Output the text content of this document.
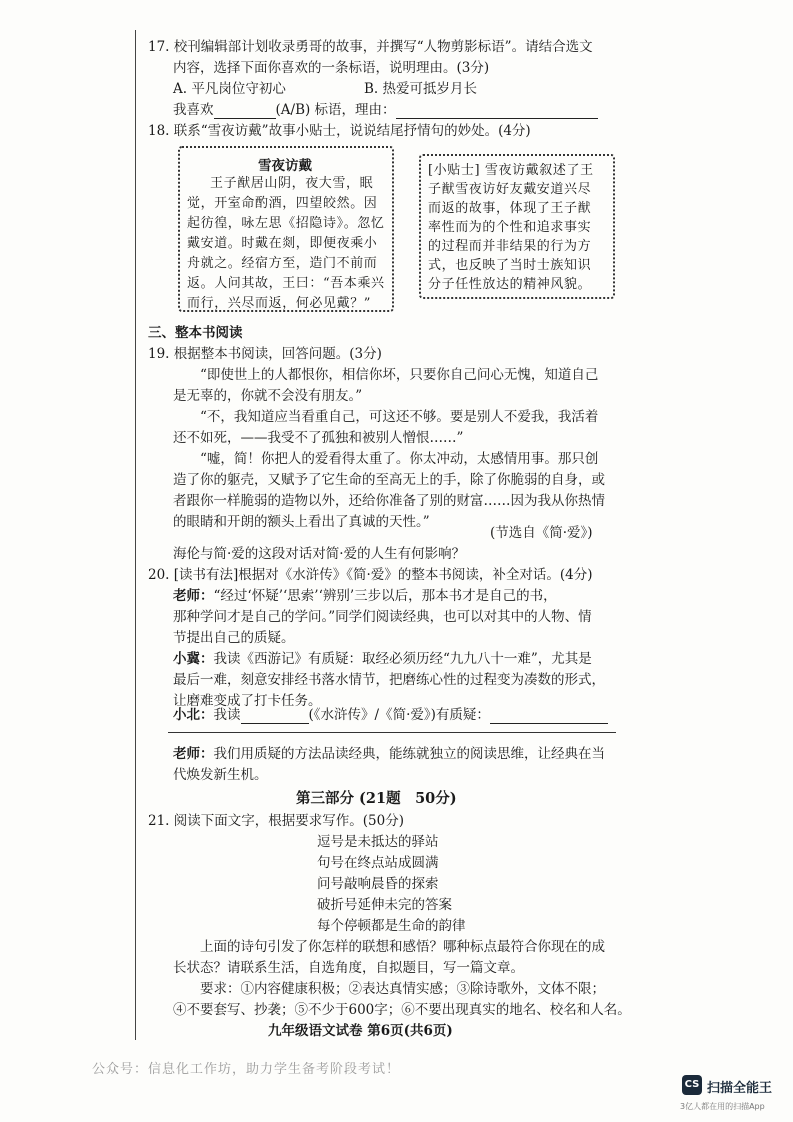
17. 校刊编辑部计划收录勇哥的故事，并撰写“人物剪影标语”。请结合选文
内容，选择下面你喜欢的一条标语，说明理由。(3分)
A. 平凡岗位守初心	B. 热爱可抵岁月长
我喜欢	(A/B) 标语，理由：
18. 联系“雪夜访戴”故事小贴士，说说结尾抒情句的妙处。(4分)
雪夜访戴
王子猷居山阴，夜大雪，眠
觉，开室命酌酒，四望皎然。因
起彷徨，咏左思《招隐诗》。忽忆
戴安道。时戴在剡，即便夜乘小
舟就之。经宿方至，造门不前而
返。人问其故，王曰：“吾本乘兴
而行，兴尽而返，何必见戴？”
[小贴士] 雪夜访戴叙述了王
子猷雪夜访好友戴安道兴尽
而返的故事，体现了王子猷
率性而为的个性和追求事实
的过程而并非结果的行为方
式，也反映了当时士族知识
分子任性放达的精神风貌。
三、整本书阅读
19. 根据整本书阅读，回答问题。(3分)
“即使世上的人都恨你，相信你坏，只要你自己问心无愧，知道自己
是无辜的，你就不会没有朋友。”
“不，我知道应当看重自己，可这还不够。要是别人不爱我，我活着
还不如死，——我受不了孤独和被别人憎恨……”
“嘘，简！你把人的爱看得太重了。你太冲动，太感情用事。那只创
造了你的躯壳，又赋予了它生命的至高无上的手，除了你脆弱的自身，或
者跟你一样脆弱的造物以外，还给你准备了别的财富……因为我从你热情
的眼睛和开朗的额头上看出了真诚的天性。”
(节选自《简·爱》)
海伦与简·爱的这段对话对简·爱的人生有何影响？
20. [读书有法]根据对《水浒传》《简·爱》的整本书阅读，补全对话。(4分)
老师：“经过‘怀疑’‘思索’‘辨别’三步以后，那本书才是自己的书，
那种学问才是自己的学问。”同学们阅读经典，也可以对其中的人物、情
节提出自己的质疑。
小冀：我读《西游记》有质疑：取经必须历经“九九八十一难”，尤其是
最后一难，刻意安排经书落水情节，把磨练心性的过程变为凑数的形式，
让磨难变成了打卡任务。
小北：我读	(《水浒传》/《简·爱》)有质疑：
老师：我们用质疑的方法品读经典，能练就独立的阅读思维，让经典在当
代焕发新生机。
第三部分 (21题　50分)
21. 阅读下面文字，根据要求写作。(50分)
逗号是未抵达的驿站
句号在终点站成圆满
问号敲响晨昏的探索
破折号延伸未完的答案
每个停顿都是生命的韵律
上面的诗句引发了你怎样的联想和感悟？哪种标点最符合你现在的成
长状态？请联系生活，自选角度，自拟题目，写一篇文章。
要求：①内容健康积极；②表达真情实感；③除诗歌外，文体不限；
④不要套写、抄袭；⑤不少于600字；⑥不要出现真实的地名、校名和人名。
九年级语文试卷 第6页(共6页)
公众号：信息化工作坊，助力学生备考阶段考试！
CS 扫描全能王
3亿人都在用的扫描App
